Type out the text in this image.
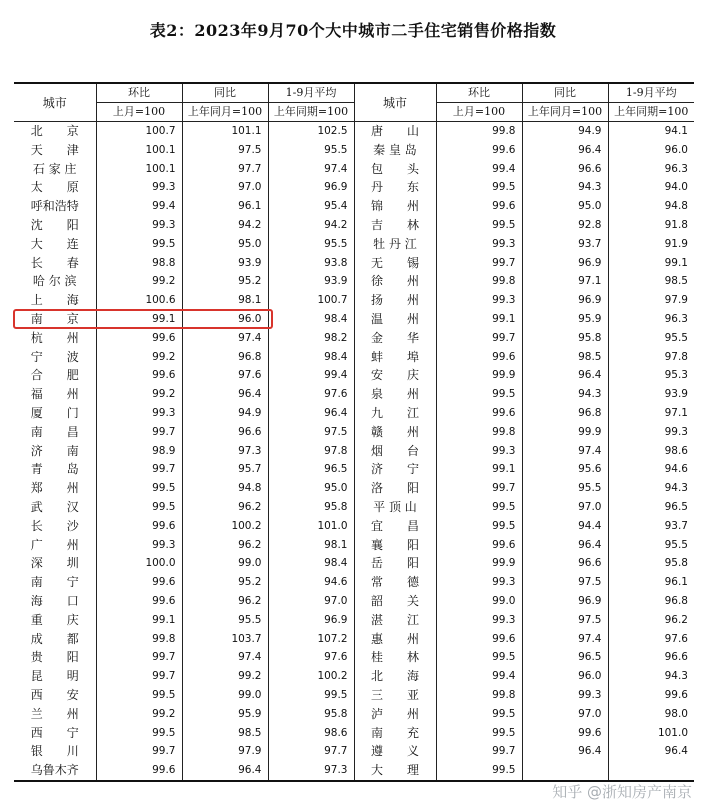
表2：2023年9月70个大中城市二手住宅销售价格指数
城市	环比	同比	1-9月平均	城市	环比	同比	1-9月平均
	上月=100	上年同月=100	上年同期=100		上月=100	上年同月=100	上年同期=100
北　　京	100.7	101.1	102.5	唐　　山	99.8	94.9	94.1
天　　津	100.1	97.5	95.5	秦 皇 岛	99.6	96.4	96.0
石 家 庄	100.1	97.7	97.4	包　　头	99.4	96.6	96.3
太　　原	99.3	97.0	96.9	丹　　东	99.5	94.3	94.0
呼和浩特	99.4	96.1	95.4	锦　　州	99.6	95.0	94.8
沈　　阳	99.3	94.2	94.2	吉　　林	99.5	92.8	91.8
大　　连	99.5	95.0	95.5	牡 丹 江	99.3	93.7	91.9
长　　春	98.8	93.9	93.8	无　　锡	99.7	96.9	99.1
哈 尔 滨	99.2	95.2	93.9	徐　　州	99.8	97.1	98.5
上　　海	100.6	98.1	100.7	扬　　州	99.3	96.9	97.9
南　　京	99.1	96.0	98.4	温　　州	99.1	95.9	96.3
杭　　州	99.6	97.4	98.2	金　　华	99.7	95.8	95.5
宁　　波	99.2	96.8	98.4	蚌　　埠	99.6	98.5	97.8
合　　肥	99.6	97.6	99.4	安　　庆	99.9	96.4	95.3
福　　州	99.2	96.4	97.6	泉　　州	99.5	94.3	93.9
厦　　门	99.3	94.9	96.4	九　　江	99.6	96.8	97.1
南　　昌	99.7	96.6	97.5	赣　　州	99.8	99.9	99.3
济　　南	98.9	97.3	97.8	烟　　台	99.3	97.4	98.6
青　　岛	99.7	95.7	96.5	济　　宁	99.1	95.6	94.6
郑　　州	99.5	94.8	95.0	洛　　阳	99.7	95.5	94.3
武　　汉	99.5	96.2	95.8	平 顶 山	99.5	97.0	96.5
长　　沙	99.6	100.2	101.0	宜　　昌	99.5	94.4	93.7
广　　州	99.3	96.2	98.1	襄　　阳	99.6	96.4	95.5
深　　圳	100.0	99.0	98.4	岳　　阳	99.9	96.6	95.8
南　　宁	99.6	95.2	94.6	常　　德	99.3	97.5	96.1
海　　口	99.6	96.2	97.0	韶　　关	99.0	96.9	96.8
重　　庆	99.1	95.5	96.9	湛　　江	99.3	97.5	96.2
成　　都	99.8	103.7	107.2	惠　　州	99.6	97.4	97.6
贵　　阳	99.7	97.4	97.6	桂　　林	99.5	96.5	96.6
昆　　明	99.7	99.2	100.2	北　　海	99.4	96.0	94.3
西　　安	99.5	99.0	99.5	三　　亚	99.8	99.3	99.6
兰　　州	99.2	95.9	95.8	泸　　州	99.5	97.0	98.0
西　　宁	99.5	98.5	98.6	南　　充	99.5	99.6	101.0
银　　川	99.7	97.9	97.7	遵　　义	99.7	96.4	96.4
乌鲁木齐	99.6	96.4	97.3	大　　理	99.5		
知乎 @浙知房产南京
